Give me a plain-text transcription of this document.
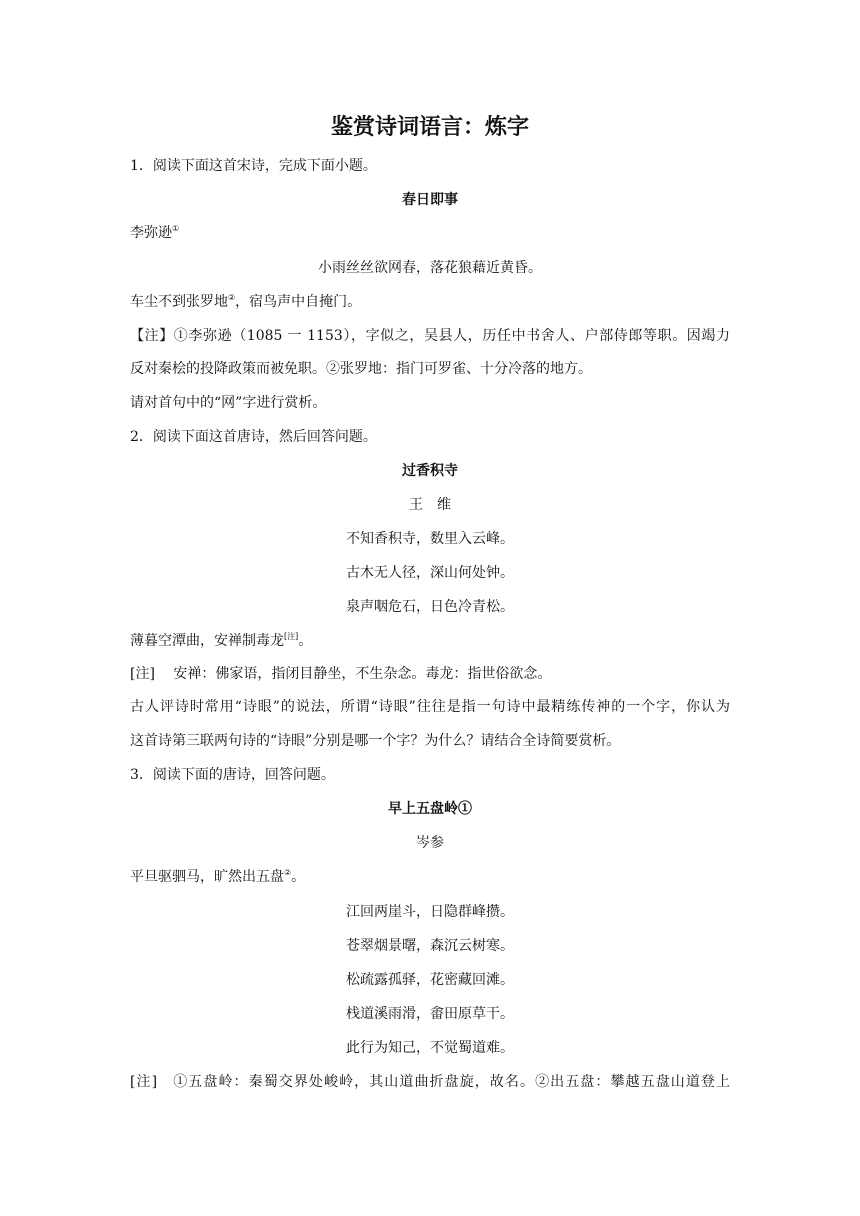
鉴赏诗词语言：炼字
1．阅读下面这首宋诗，完成下面小题。
春日即事
李弥逊①
小雨丝丝欲网春，落花狼藉近黄昏。
车尘不到张罗地②，宿鸟声中自掩门。
【注】①李弥逊（1085 一 1153），字似之，吴县人，历任中书舍人、户部侍郎等职。因竭力
反对秦桧的投降政策而被免职。②张罗地：指门可罗雀、十分冷落的地方。
请对首句中的“网”字进行赏析。
2．阅读下面这首唐诗，然后回答问题。
过香积寺
王　维
不知香积寺，数里入云峰。
古木无人径，深山何处钟。
泉声咽危石，日色冷青松。
薄暮空潭曲，安禅制毒龙[注]。
[注]　 安禅：佛家语，指闭目静坐，不生杂念。毒龙：指世俗欲念。
古人评诗时常用“诗眼”的说法，所谓“诗眼”往往是指一句诗中最精练传神的一个字，你认为
这首诗第三联两句诗的“诗眼”分别是哪一个字？为什么？请结合全诗简要赏析。
3．阅读下面的唐诗，回答问题。
早上五盘岭①
岑参
平旦驱驷马，旷然出五盘②。
江回两崖斗，日隐群峰攒。
苍翠烟景曙，森沉云树寒。
松疏露孤驿，花密藏回滩。
栈道溪雨滑，畬田原草干。
此行为知己，不觉蜀道难。
[注]　①五盘岭：秦蜀交界处峻岭，其山道曲折盘旋，故名。②出五盘：攀越五盘山道登上
